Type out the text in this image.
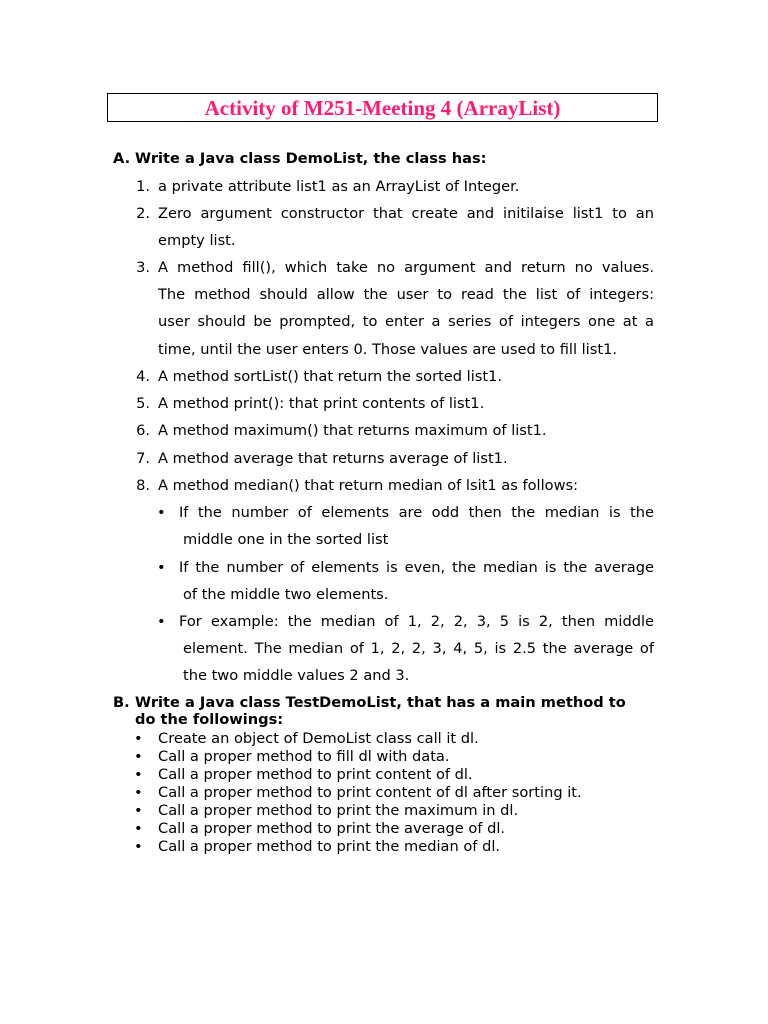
Activity of M251-Meeting 4 (ArrayList)
A. Write a Java class DemoList, the class has:
1. a private attribute list1 as an ArrayList of Integer.
2. Zero argument constructor that create and initilaise list1 to an
empty list.
3. A method fill(), which take no argument and return no values.
The method should allow the user to read the list of integers:
user should be prompted, to enter a series of integers one at a
time, until the user enters 0. Those values are used to fill list1.
4. A method sortList() that return the sorted list1.
5. A method print(): that print contents of list1.
6. A method maximum() that returns maximum of list1.
7. A method average that returns average of list1.
8. A method median() that return median of lsit1 as follows:
• If the number of elements are odd then the median is the
middle one in the sorted list
• If the number of elements is even, the median is the average
of the middle two elements.
• For example: the median of 1, 2, 2, 3, 5 is 2, then middle
element. The median of 1, 2, 2, 3, 4, 5, is 2.5 the average of
the two middle values 2 and 3.
B. Write a Java class TestDemoList, that has a main method to
do the followings:
• Create an object of DemoList class call it dl.
• Call a proper method to fill dl with data.
• Call a proper method to print content of dl.
• Call a proper method to print content of dl after sorting it.
• Call a proper method to print the maximum in dl.
• Call a proper method to print the average of dl.
• Call a proper method to print the median of dl.
